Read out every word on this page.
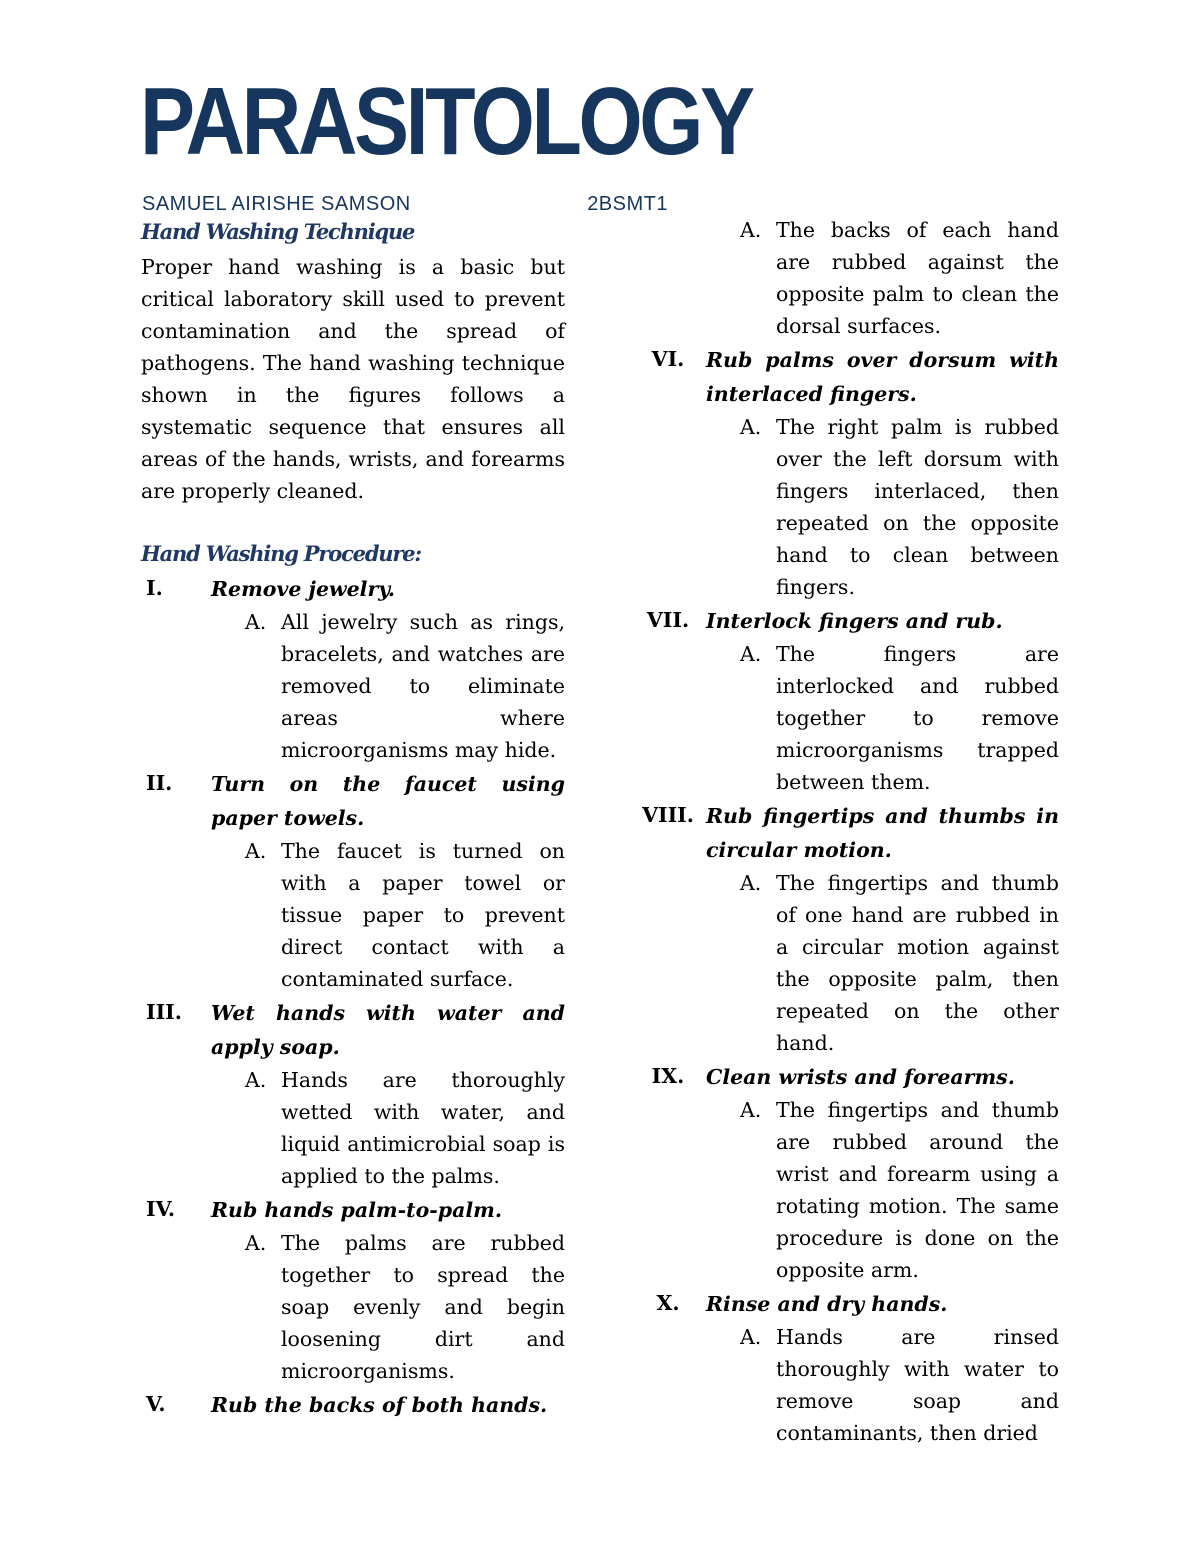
PARASITOLOGY
SAMUEL AIRISHE SAMSON	2BSMT1
Hand Washing Technique

Proper hand washing is a basic but critical laboratory skill used to prevent contamination and the spread of pathogens. The hand washing technique shown in the figures follows a systematic sequence that ensures all areas of the hands, wrists, and forearms are properly cleaned.

Hand Washing Procedure:
I.	Remove jewelry.
A. All jewelry such as rings, bracelets, and watches are removed to eliminate areas where microorganisms may hide.
II.	Turn on the faucet using paper towels.
A. The faucet is turned on with a paper towel or tissue paper to prevent direct contact with a contaminated surface.
III.	Wet hands with water and apply soap.
A. Hands are thoroughly wetted with water, and liquid antimicrobial soap is applied to the palms.
IV.	Rub hands palm-to-palm.
A. The palms are rubbed together to spread the soap evenly and begin loosening dirt and microorganisms.
V.	Rub the backs of both hands.
A. The backs of each hand are rubbed against the opposite palm to clean the dorsal surfaces.
VI.	Rub palms over dorsum with interlaced fingers.
A. The right palm is rubbed over the left dorsum with fingers interlaced, then repeated on the opposite hand to clean between fingers.
VII. Interlock fingers and rub.
A. The fingers are interlocked and rubbed together to remove microorganisms trapped between them.
VIII. Rub fingertips and thumbs in circular motion.
A. The fingertips and thumb of one hand are rubbed in a circular motion against the opposite palm, then repeated on the other hand.
IX.	Clean wrists and forearms.
A. The fingertips and thumb are rubbed around the wrist and forearm using a rotating motion. The same procedure is done on the opposite arm.
X.	Rinse and dry hands.
A. Hands are rinsed thoroughly with water to remove soap and contaminants, then dried
